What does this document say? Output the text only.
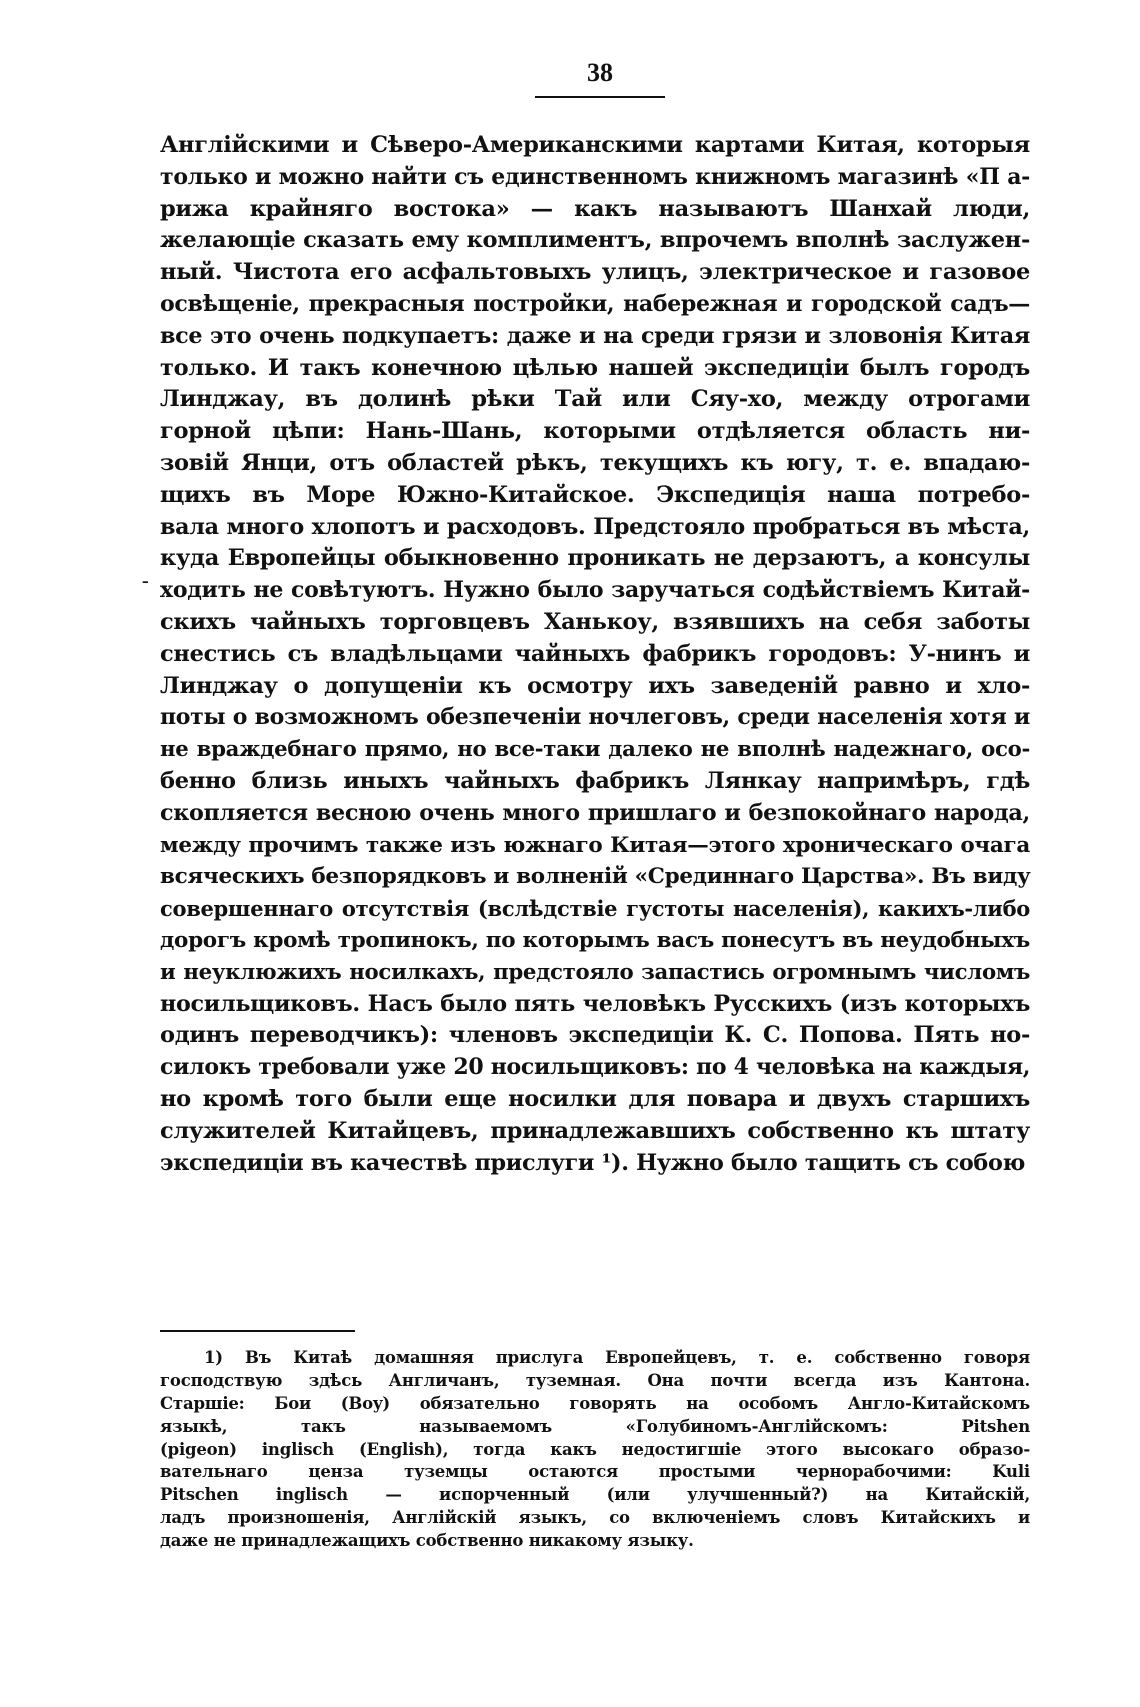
38
-
Англійскими и Сѣверо-Американскими картами Китая, которыя
только и можно найти съ единственномъ книжномъ магазинѣ «П а-
рижа крайняго востока» — какъ называютъ Шанхай люди,
желающіе сказать ему комплиментъ, впрочемъ вполнѣ заслужен-
ный. Чистота его асфальтовыхъ улицъ, электрическое и газовое
освѣщеніе, прекрасныя постройки, набережная и городской садъ—
все это очень подкупаетъ: даже и на среди грязи и зловонія Китая
только. И такъ конечною цѣлью нашей экспедиціи былъ городъ
Линджау, въ долинѣ рѣки Тай или Сяу-хо, между отрогами
горной цѣпи: Нань-Шань, которыми отдѣляется область ни-
зовій Янци, отъ областей рѣкъ, текущихъ къ югу, т. е. впадаю-
щихъ въ Море Южно-Китайское. Экспедиція наша потребо-
вала много хлопотъ и расходовъ. Предстояло пробраться въ мѣста,
куда Европейцы обыкновенно проникать не дерзаютъ, а консулы
ходить не совѣтуютъ. Нужно было заручаться содѣйствіемъ Китай-
скихъ чайныхъ торговцевъ Ханькоу, взявшихъ на себя заботы
снестись съ владѣльцами чайныхъ фабрикъ городовъ: У-нинъ и
Линджау о допущеніи къ осмотру ихъ заведеній равно и хло-
поты о возможномъ обезпеченіи ночлеговъ, среди населенія хотя и
не враждебнаго прямо, но все-таки далеко не вполнѣ надежнаго, осо-
бенно близь иныхъ чайныхъ фабрикъ Лянкау напримѣръ, гдѣ
скопляется весною очень много пришлаго и безпокойнаго народа,
между прочимъ также изъ южнаго Китая—этого хроническаго очага
всяческихъ безпорядковъ и волненій «Срединнаго Царства». Въ виду
совершеннаго отсутствія (вслѣдствіе густоты населенія), какихъ-либо
дорогъ кромѣ тропинокъ, по которымъ васъ понесутъ въ неудобныхъ
и неуклюжихъ носилкахъ, предстояло запастись огромнымъ числомъ
носильщиковъ. Насъ было пять человѣкъ Русскихъ (изъ которыхъ
одинъ переводчикъ): членовъ экспедиціи К. С. Попова. Пять но-
силокъ требовали уже 20 носильщиковъ: по 4 человѣка на каждыя,
но кромѣ того были еще носилки для повара и двухъ старшихъ
служителей Китайцевъ, принадлежавшихъ собственно къ штату
экспедиціи въ качествѣ прислуги ¹). Нужно было тащить съ собою
1) Въ Китаѣ домашняя прислуга Европейцевъ, т. е. собственно говоря
господствую здѣсь Англичанъ, туземная. Она почти всегда изъ Кантона.
Старшіе: Бои (Boy) обязательно говорять на особомъ Англо-Китайскомъ
языкѣ, такъ называемомъ «Голубиномъ-Англійскомъ: Pitshen
(pigeon) inglisch (English), тогда какъ недостигшіе этого высокаго образо-
вательнаго ценза туземцы остаются простыми чернорабочими: Kuli
Pitschen inglisch — испорченный (или улучшенный?) на Китайскій,
ладъ произношенія, Англійскій языкъ, со включеніемъ словъ Китайскихъ и
даже не принадлежащихъ собственно никакому языку.
